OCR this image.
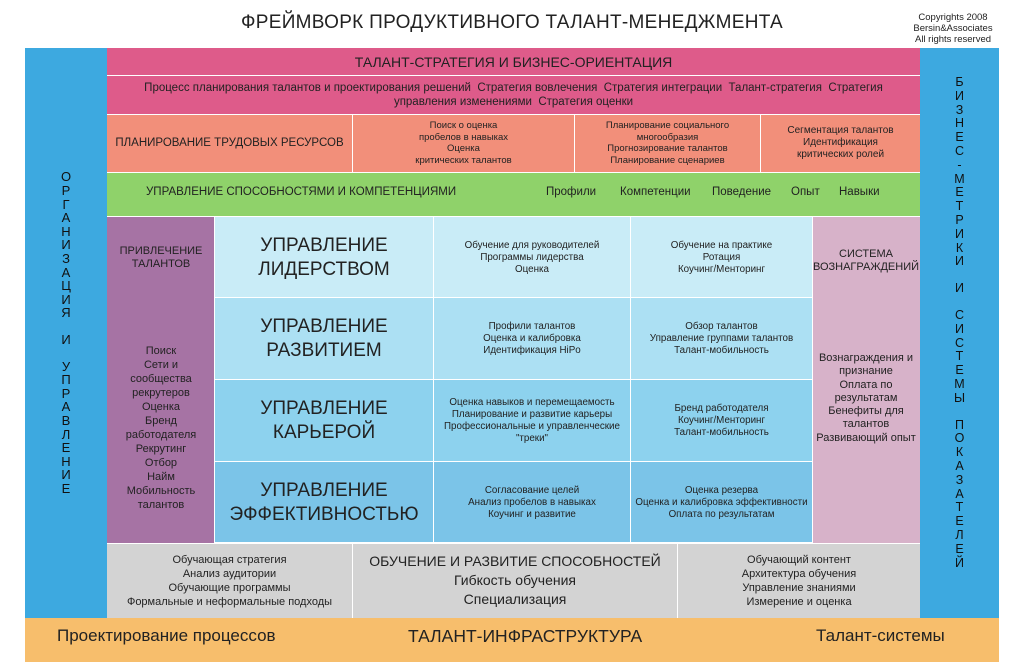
ФРЕЙМВОРК ПРОДУКТИВНОГО ТАЛАНТ-МЕНЕДЖМЕНТА	Copyrights 2008
Bersin&Associates
All rights reserved
О
Р
Г
А
Н
И
З
А
Ц
И
Я

И

У
П
Р
А
В
Л
Е
Н
И
Е
Б
И
З
Н
Е
С
-
М
Е
Т
Р
И
К
И

И

С
И
С
Т
Е
М
Ы

П
О
К
А
З
А
Т
Е
Л
Е
Й
ТАЛАНТ-СТРАТЕГИЯ И БИЗНЕС-ОРИЕНТАЦИЯ
Процесс планирования талантов и проектирования решений  Стратегия вовлечения  Стратегия интеграции  Талант-стратегия  Стратегия управления изменениями  Стратегия оценки
ПЛАНИРОВАНИЕ ТРУДОВЫХ РЕСУРСОВ
Поиск о оценка
пробелов в навыках
Оценка
критических талантов
Планирование социального
многообразия
Прогнозирование талантов
Планирование сценариев
Сегментация талантов
Идентификация
критических ролей
УПРАВЛЕНИЕ СПОСОБНОСТЯМИ И КОМПЕТЕНЦИЯМИ	Профили Компетенции Поведение Опыт Навыки
ПРИВЛЕЧЕНИЕ ТАЛАНТОВ
Поиск
Сети и
сообщества
рекрутеров
Оценка
Бренд
работодателя
Рекрутинг
Отбор
Найм
Мобильность
талантов
СИСТЕМА ВОЗНАГРАЖДЕНИЙ
Вознаграждения и
признание
Оплата по
результатам
Бенефиты для
талантов
Развивающий опыт
УПРАВЛЕНИЕ
ЛИДЕРСТВОМ
Обучение для руководителей
Программы лидерства
Оценка
Обучение на практике
Ротация
Коучинг/Менторинг
УПРАВЛЕНИЕ
РАЗВИТИЕМ
Профили талантов
Оценка и калибровка
Идентификация HiPo
Обзор талантов
Управление группами талантов
Талант-мобильность
УПРАВЛЕНИЕ
КАРЬЕРОЙ
Оценка навыков и перемещаемость
Планирование и развитие карьеры
Профессиональные и управленческие
"треки"
Бренд работодателя
Коучинг/Менторинг
Талант-мобильность
УПРАВЛЕНИЕ
ЭФФЕКТИВНОСТЬЮ
Согласование целей
Анализ пробелов в навыках
Коучинг и развитие
Оценка резерва
Оценка и калибровка эффективности
Оплата по результатам
Обучающая стратегия
Анализ аудитории
Обучающие программы
Формальные и неформальные подходы
ОБУЧЕНИЕ И РАЗВИТИЕ СПОСОБНОСТЕЙ
Гибкость обучения
Специализация
Обучающий контент
Архитектура обучения
Управление знаниями
Измерение и оценка
Проектирование процессов	ТАЛАНТ-ИНФРАСТРУКТУРА	Талант-системы
